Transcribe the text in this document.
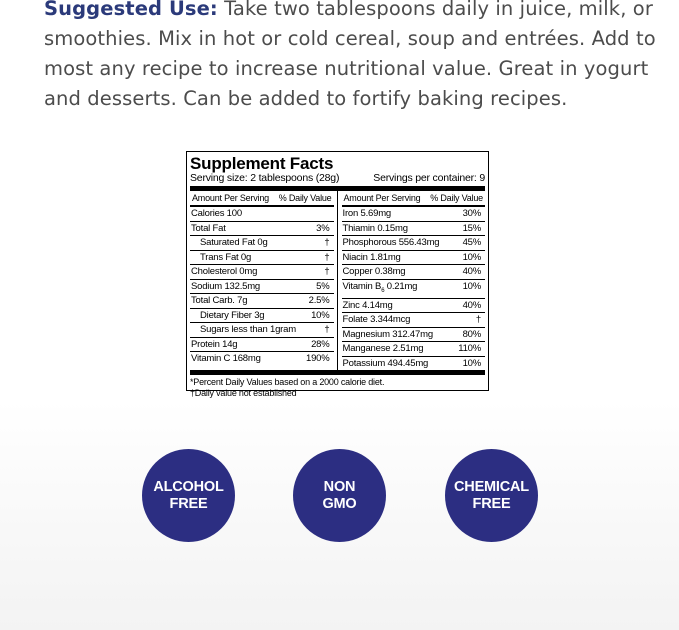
Suggested Use: Take two tablespoons daily in juice, milk, or smoothies. Mix in hot or cold cereal, soup and entrées. Add to most any recipe to increase nutritional value. Great in yogurt and desserts. Can be added to fortify baking recipes.
Supplement Facts
Serving size: 2 tablespoons (28g)	Servings per container: 9
Amount Per Serving % Daily Value
Calories 100
Total Fat	3%
Saturated Fat 0g	†
Trans Fat 0g	†
Cholesterol 0mg	†
Sodium 132.5mg	5%
Total Carb. 7g	2.5%
Dietary Fiber 3g	10%
Sugars less than 1gram	†
Protein 14g	28%
Vitamin C 168mg	190%
Amount Per Serving % Daily Value
Iron 5.69mg	30%
Thiamin 0.15mg	15%
Phosphorous 556.43mg	45%
Niacin 1.81mg	10%
Copper 0.38mg	40%
Vitamin $B_6$ 0.21mg	10%
Zinc 4.14mg	40%
Folate 3.344mcg	†
Magnesium 312.47mg	80%
Manganese 2.51mg	110%
Potassium 494.45mg	10%
*Percent Daily Values based on a 2000 calorie diet.
†Daily value not established
ALCOHOL
FREE
NON
GMO
CHEMICAL
FREE
